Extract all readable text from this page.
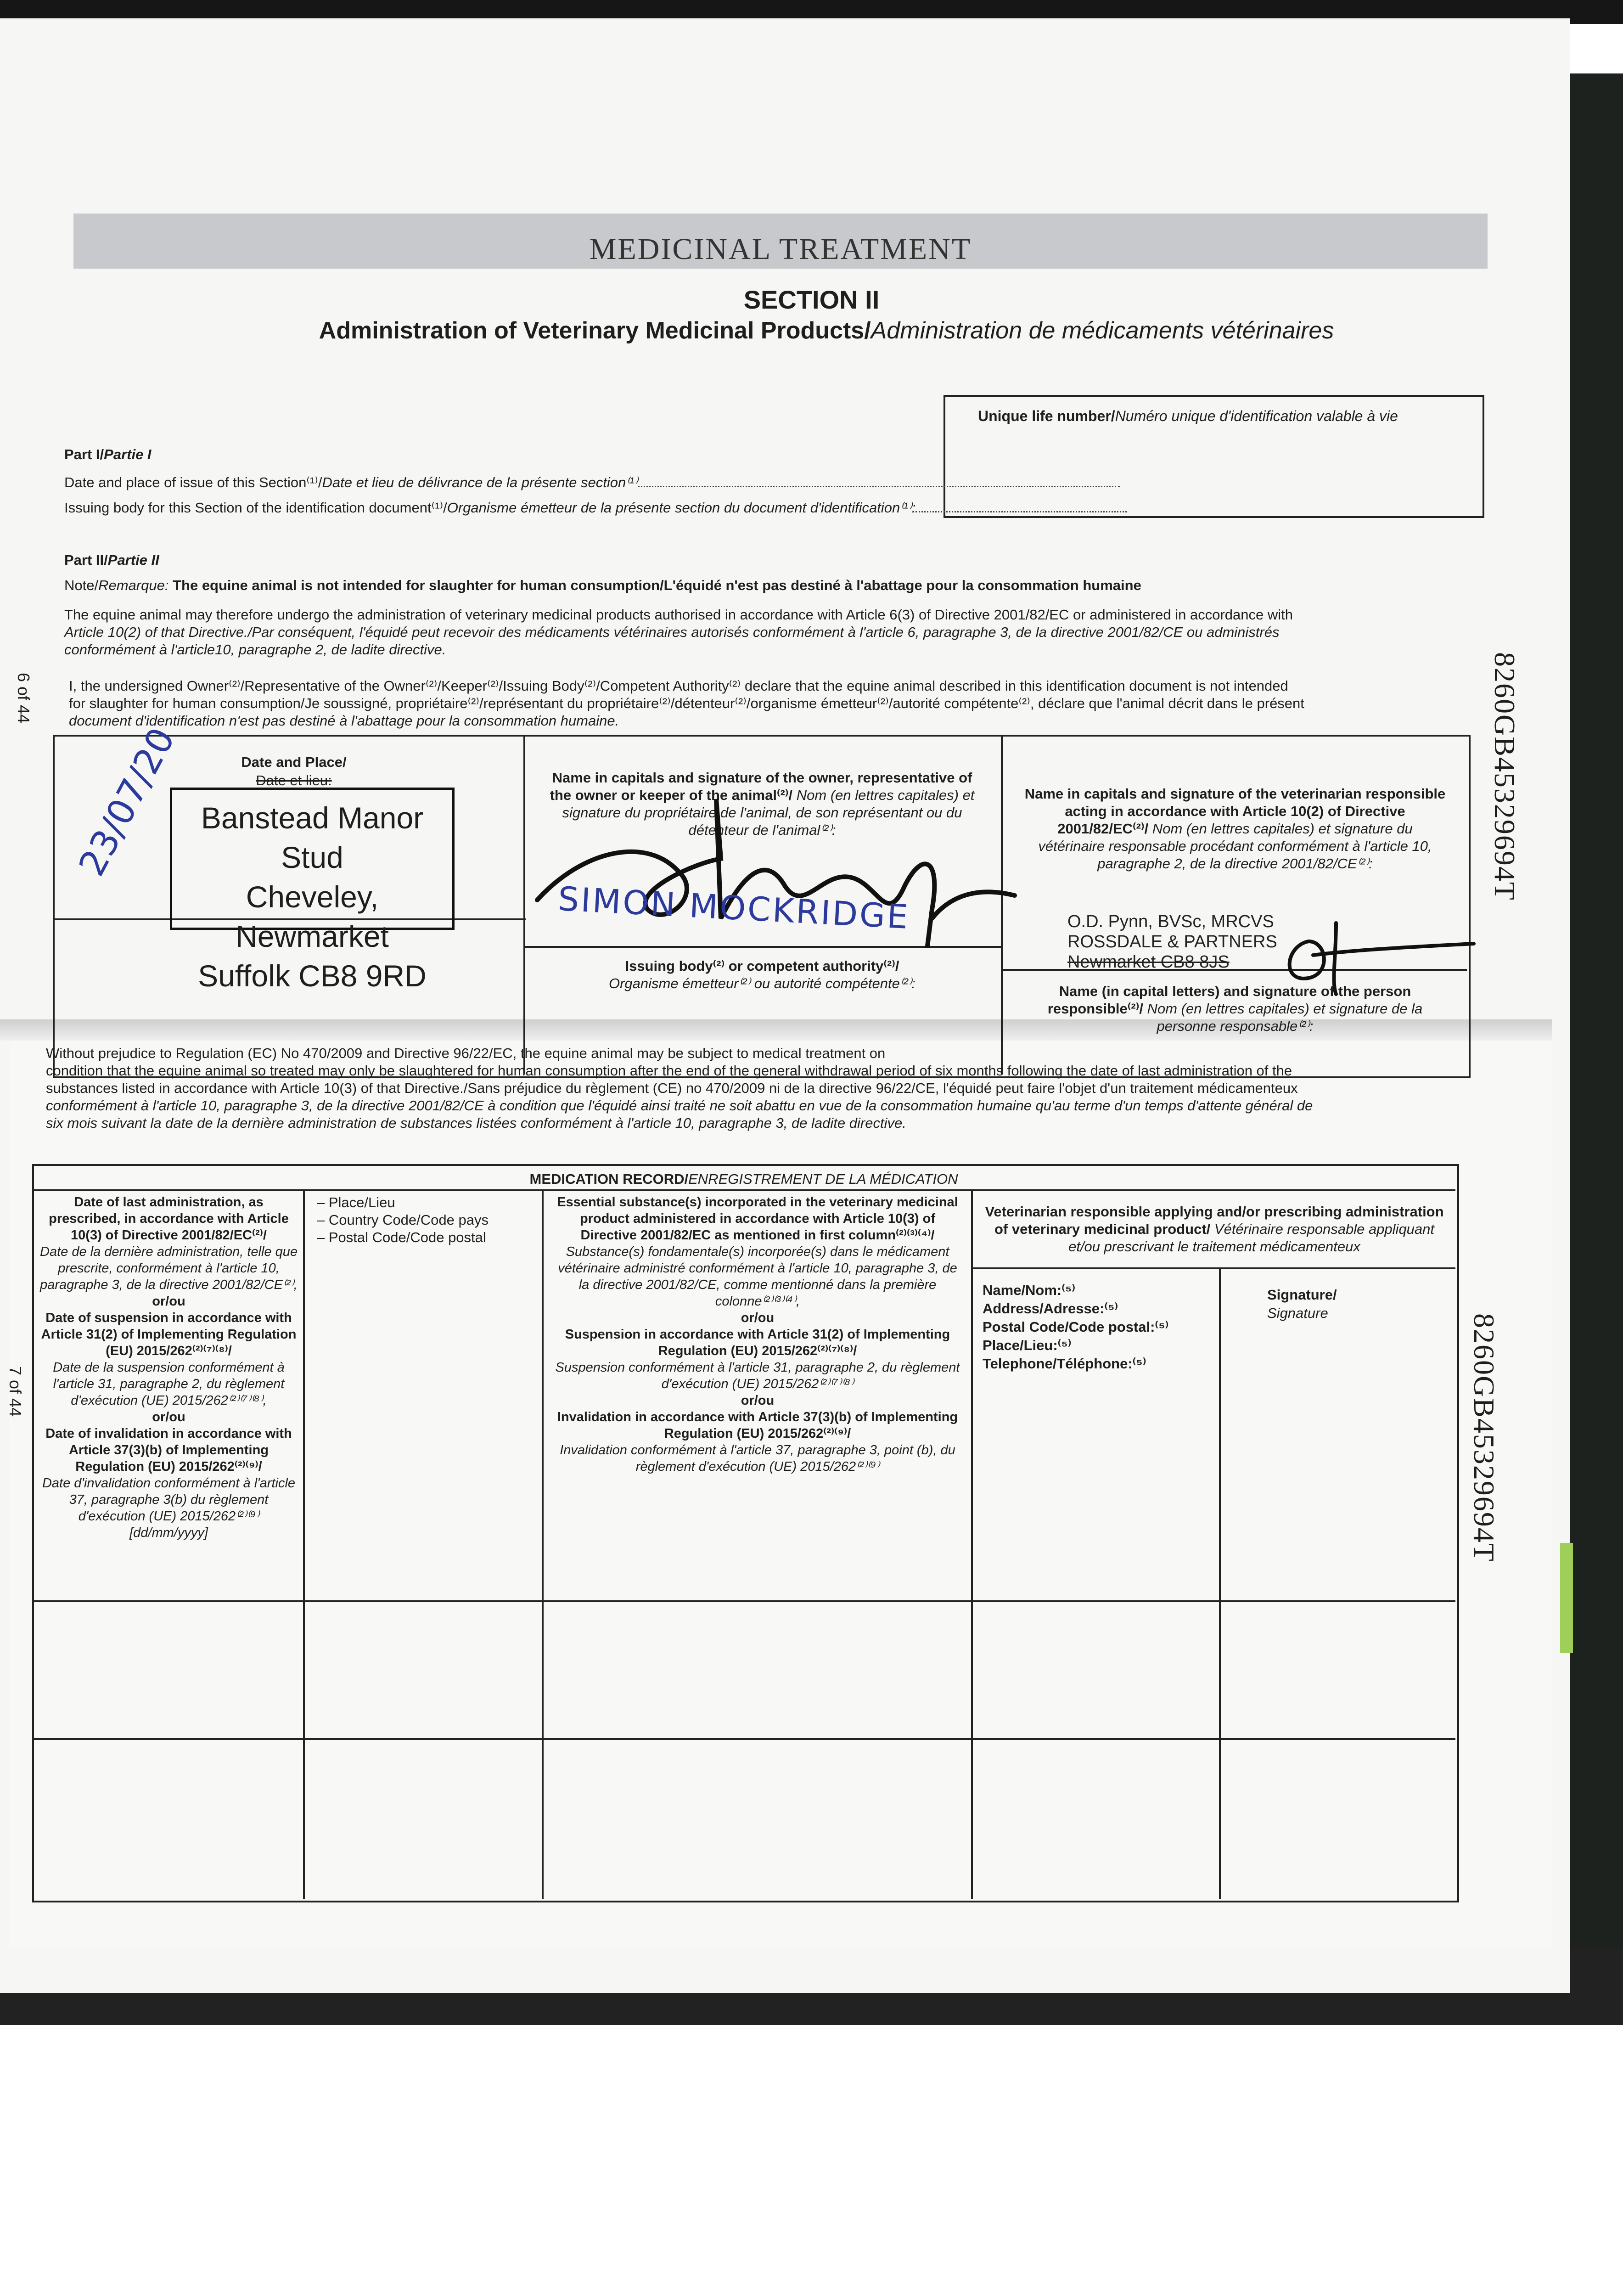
6 of 44
7 of 44
8260GB45329694T
8260GB45329694T
MEDICINAL TREATMENT
SECTION II
Administration of Veterinary Medicinal Products/Administration de médicaments vétérinaires
Unique life number/Numéro unique d'identification valable à vie
Part I/Partie I
Date and place of issue of this Section⁽¹⁾/Date et lieu de délivrance de la présente section⁽¹⁾
Issuing body for this Section of the identification document⁽¹⁾/Organisme émetteur de la présente section du document d'identification⁽¹⁾:
Part II/Partie II
Note/Remarque: The equine animal is not intended for slaughter for human consumption/L'équidé n'est pas destiné à l'abattage pour la consommation humaine
The equine animal may therefore undergo the administration of veterinary medicinal products authorised in accordance with Article 6(3) of Directive 2001/82/EC or administered in accordance with
Article 10(2) of that Directive./Par conséquent, l'équidé peut recevoir des médicaments vétérinaires autorisés conformément à l'article 6, paragraphe 3, de la directive 2001/82/CE ou administrés
conformément à l'article10, paragraphe 2, de ladite directive.
I, the undersigned Owner⁽²⁾/Representative of the Owner⁽²⁾/Keeper⁽²⁾/Issuing Body⁽²⁾/Competent Authority⁽²⁾ declare that the equine animal described in this identification document is not intended
for slaughter for human consumption/Je soussigné, propriétaire⁽²⁾/représentant du propriétaire⁽²⁾/détenteur⁽²⁾/organisme émetteur⁽²⁾/autorité compétente⁽²⁾, déclare que l'animal décrit dans le présent
document d'identification n'est pas destiné à l'abattage pour la consommation humaine.
Date and Place/
Date et lieu:
Banstead Manor Stud
Cheveley, Newmarket
Suffolk CB8 9RD
23/07/20	Name in capitals and signature of the owner, representative of the owner or keeper of the animal⁽²⁾/ Nom (en lettres capitales) et signature du propriétaire de l'animal, de son représentant ou du détenteur de l'animal⁽²⁾:
SIMON MOCKRIDGE
Issuing body⁽²⁾ or competent authority⁽²⁾/
Organisme émetteur⁽²⁾ ou autorité compétente⁽²⁾:
Name in capitals and signature of the veterinarian responsible acting in accordance with Article 10(2) of Directive 2001/82/EC⁽²⁾/ Nom (en lettres capitales) et signature du vétérinaire responsable procédant conformément à l'article 10, paragraphe 2, de la directive 2001/82/CE⁽²⁾:
O.D. Pynn, BVSc, MRCVS
ROSSDALE & PARTNERS
Newmarket CB8 8JS
Name (in capital letters) and signature of the person responsible⁽²⁾/ Nom (en lettres capitales) et signature de la personne responsable⁽²⁾:
Without prejudice to Regulation (EC) No 470/2009 and Directive 96/22/EC, the equine animal may be subject to medical treatment on
condition that the equine animal so treated may only be slaughtered for human consumption after the end of the general withdrawal period of six months following the date of last administration of the
substances listed in accordance with Article 10(3) of that Directive./Sans préjudice du règlement (CE) no 470/2009 ni de la directive 96/22/CE, l'équidé peut faire l'objet d'un traitement médicamenteux
conformément à l'article 10, paragraphe 3, de la directive 2001/82/CE à condition que l'équidé ainsi traité ne soit abattu en vue de la consommation humaine qu'au terme d'un temps d'attente général de
six mois suivant la date de la dernière administration de substances listées conformément à l'article 10, paragraphe 3, de ladite directive.
MEDICATION RECORD/ENREGISTREMENT DE LA MÉDICATION
Date of last administration, as prescribed, in accordance with Article 10(3) of Directive 2001/82/EC⁽²⁾/
Date de la dernière administration, telle que prescrite, conformément à l'article 10, paragraphe 3, de la directive 2001/82/CE⁽²⁾,
or/ou
Date of suspension in accordance with Article 31(2) of Implementing Regulation (EU) 2015/262⁽²⁾⁽⁷⁾⁽⁸⁾/
Date de la suspension conformément à l'article 31, paragraphe 2, du règlement d'exécution (UE) 2015/262⁽²⁾⁽⁷⁾⁽⁸⁾,
or/ou
Date of invalidation in accordance with Article 37(3)(b) of Implementing Regulation (EU) 2015/262⁽²⁾⁽⁹⁾/
Date d'invalidation conformément à l'article 37, paragraphe 3(b) du règlement d'exécution (UE) 2015/262⁽²⁾⁽⁹⁾
[dd/mm/yyyy]
– Place/Lieu
– Country Code/Code pays
– Postal Code/Code postal
Essential substance(s) incorporated in the veterinary medicinal product administered in accordance with Article 10(3) of Directive 2001/82/EC as mentioned in first column⁽²⁾⁽³⁾⁽⁴⁾/
Substance(s) fondamentale(s) incorporée(s) dans le médicament vétérinaire administré conformément à l'article 10, paragraphe 3, de la directive 2001/82/CE, comme mentionné dans la première colonne⁽²⁾⁽³⁾⁽⁴⁾,
or/ou
Suspension in accordance with Article 31(2) of Implementing Regulation (EU) 2015/262⁽²⁾⁽⁷⁾⁽⁸⁾/
Suspension conformément à l'article 31, paragraphe 2, du règlement d'exécution (UE) 2015/262⁽²⁾⁽⁷⁾⁽⁸⁾
or/ou
Invalidation in accordance with Article 37(3)(b) of Implementing Regulation (EU) 2015/262⁽²⁾⁽⁹⁾/
Invalidation conformément à l'article 37, paragraphe 3, point (b), du règlement d'exécution (UE) 2015/262⁽²⁾⁽⁹⁾
Veterinarian responsible applying and/or prescribing administration of veterinary medicinal product/ Vétérinaire responsable appliquant et/ou prescrivant le traitement médicamenteux
Name/Nom:⁽⁵⁾
Address/Adresse:⁽⁵⁾
Postal Code/Code postal:⁽⁵⁾
Place/Lieu:⁽⁵⁾
Telephone/Téléphone:⁽⁵⁾
Signature/
Signature
